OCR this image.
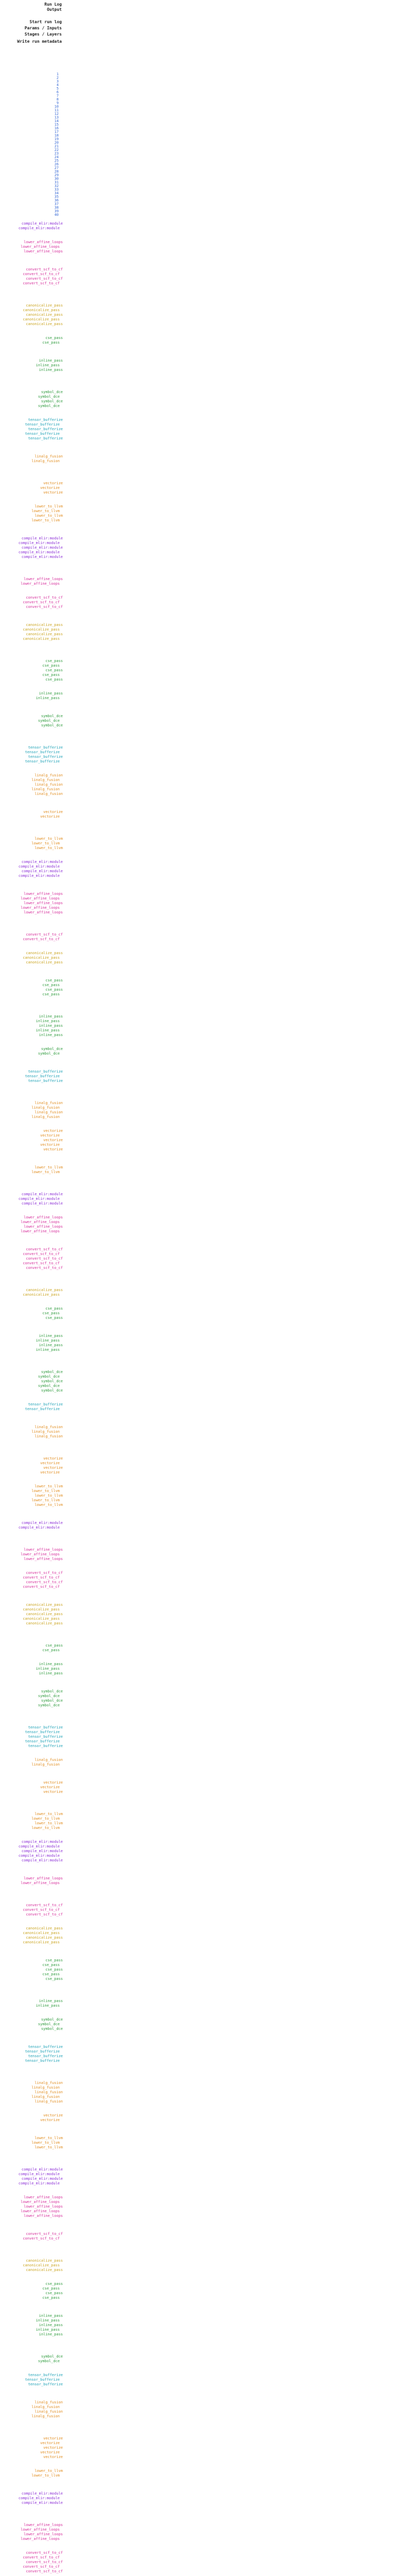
Run Log
Output
Start run log
Params / Inputs
Stages / Layers
Write run metadata
1
2
3
4
5
6
7
8
9
10
11
12
13
14
15
16
17
18
19
20
21
22
23
24
25
26
27
28
29
30
31
32
33
34
35
36
37
38
39
40
compile_mlir:module
compile_mlir:module
lower_affine_loops
lower_affine_loops
lower_affine_loops
convert_scf_to_cf
convert_scf_to_cf
convert_scf_to_cf
convert_scf_to_cf
canonicalize_pass
canonicalize_pass
canonicalize_pass
canonicalize_pass
canonicalize_pass
cse_pass
cse_pass
inline_pass
inline_pass
inline_pass
symbol_dce
symbol_dce
symbol_dce
symbol_dce
tensor_bufferize
tensor_bufferize
tensor_bufferize
tensor_bufferize
tensor_bufferize
linalg_fusion
linalg_fusion
vectorize
vectorize
vectorize
lower_to_llvm
lower_to_llvm
lower_to_llvm
lower_to_llvm
compile_mlir:module
compile_mlir:module
compile_mlir:module
compile_mlir:module
compile_mlir:module
lower_affine_loops
lower_affine_loops
convert_scf_to_cf
convert_scf_to_cf
convert_scf_to_cf
canonicalize_pass
canonicalize_pass
canonicalize_pass
canonicalize_pass
cse_pass
cse_pass
cse_pass
cse_pass
cse_pass
inline_pass
inline_pass
symbol_dce
symbol_dce
symbol_dce
tensor_bufferize
tensor_bufferize
tensor_bufferize
tensor_bufferize
linalg_fusion
linalg_fusion
linalg_fusion
linalg_fusion
linalg_fusion
vectorize
vectorize
lower_to_llvm
lower_to_llvm
lower_to_llvm
compile_mlir:module
compile_mlir:module
compile_mlir:module
compile_mlir:module
lower_affine_loops
lower_affine_loops
lower_affine_loops
lower_affine_loops
lower_affine_loops
convert_scf_to_cf
convert_scf_to_cf
canonicalize_pass
canonicalize_pass
canonicalize_pass
cse_pass
cse_pass
cse_pass
cse_pass
inline_pass
inline_pass
inline_pass
inline_pass
inline_pass
symbol_dce
symbol_dce
tensor_bufferize
tensor_bufferize
tensor_bufferize
linalg_fusion
linalg_fusion
linalg_fusion
linalg_fusion
vectorize
vectorize
vectorize
vectorize
vectorize
lower_to_llvm
lower_to_llvm
compile_mlir:module
compile_mlir:module
compile_mlir:module
lower_affine_loops
lower_affine_loops
lower_affine_loops
lower_affine_loops
convert_scf_to_cf
convert_scf_to_cf
convert_scf_to_cf
convert_scf_to_cf
convert_scf_to_cf
canonicalize_pass
canonicalize_pass
cse_pass
cse_pass
cse_pass
inline_pass
inline_pass
inline_pass
inline_pass
symbol_dce
symbol_dce
symbol_dce
symbol_dce
symbol_dce
tensor_bufferize
tensor_bufferize
linalg_fusion
linalg_fusion
linalg_fusion
vectorize
vectorize
vectorize
vectorize
lower_to_llvm
lower_to_llvm
lower_to_llvm
lower_to_llvm
lower_to_llvm
compile_mlir:module
compile_mlir:module
lower_affine_loops
lower_affine_loops
lower_affine_loops
convert_scf_to_cf
convert_scf_to_cf
convert_scf_to_cf
convert_scf_to_cf
canonicalize_pass
canonicalize_pass
canonicalize_pass
canonicalize_pass
canonicalize_pass
cse_pass
cse_pass
inline_pass
inline_pass
inline_pass
symbol_dce
symbol_dce
symbol_dce
symbol_dce
tensor_bufferize
tensor_bufferize
tensor_bufferize
tensor_bufferize
tensor_bufferize
linalg_fusion
linalg_fusion
vectorize
vectorize
vectorize
lower_to_llvm
lower_to_llvm
lower_to_llvm
lower_to_llvm
compile_mlir:module
compile_mlir:module
compile_mlir:module
compile_mlir:module
compile_mlir:module
lower_affine_loops
lower_affine_loops
convert_scf_to_cf
convert_scf_to_cf
convert_scf_to_cf
canonicalize_pass
canonicalize_pass
canonicalize_pass
canonicalize_pass
cse_pass
cse_pass
cse_pass
cse_pass
cse_pass
inline_pass
inline_pass
symbol_dce
symbol_dce
symbol_dce
tensor_bufferize
tensor_bufferize
tensor_bufferize
tensor_bufferize
linalg_fusion
linalg_fusion
linalg_fusion
linalg_fusion
linalg_fusion
vectorize
vectorize
lower_to_llvm
lower_to_llvm
lower_to_llvm
compile_mlir:module
compile_mlir:module
compile_mlir:module
compile_mlir:module
lower_affine_loops
lower_affine_loops
lower_affine_loops
lower_affine_loops
lower_affine_loops
convert_scf_to_cf
convert_scf_to_cf
canonicalize_pass
canonicalize_pass
canonicalize_pass
cse_pass
cse_pass
cse_pass
cse_pass
inline_pass
inline_pass
inline_pass
inline_pass
inline_pass
symbol_dce
symbol_dce
tensor_bufferize
tensor_bufferize
tensor_bufferize
linalg_fusion
linalg_fusion
linalg_fusion
linalg_fusion
vectorize
vectorize
vectorize
vectorize
vectorize
lower_to_llvm
lower_to_llvm
compile_mlir:module
compile_mlir:module
compile_mlir:module
lower_affine_loops
lower_affine_loops
lower_affine_loops
lower_affine_loops
convert_scf_to_cf
convert_scf_to_cf
convert_scf_to_cf
convert_scf_to_cf
convert_scf_to_cf
